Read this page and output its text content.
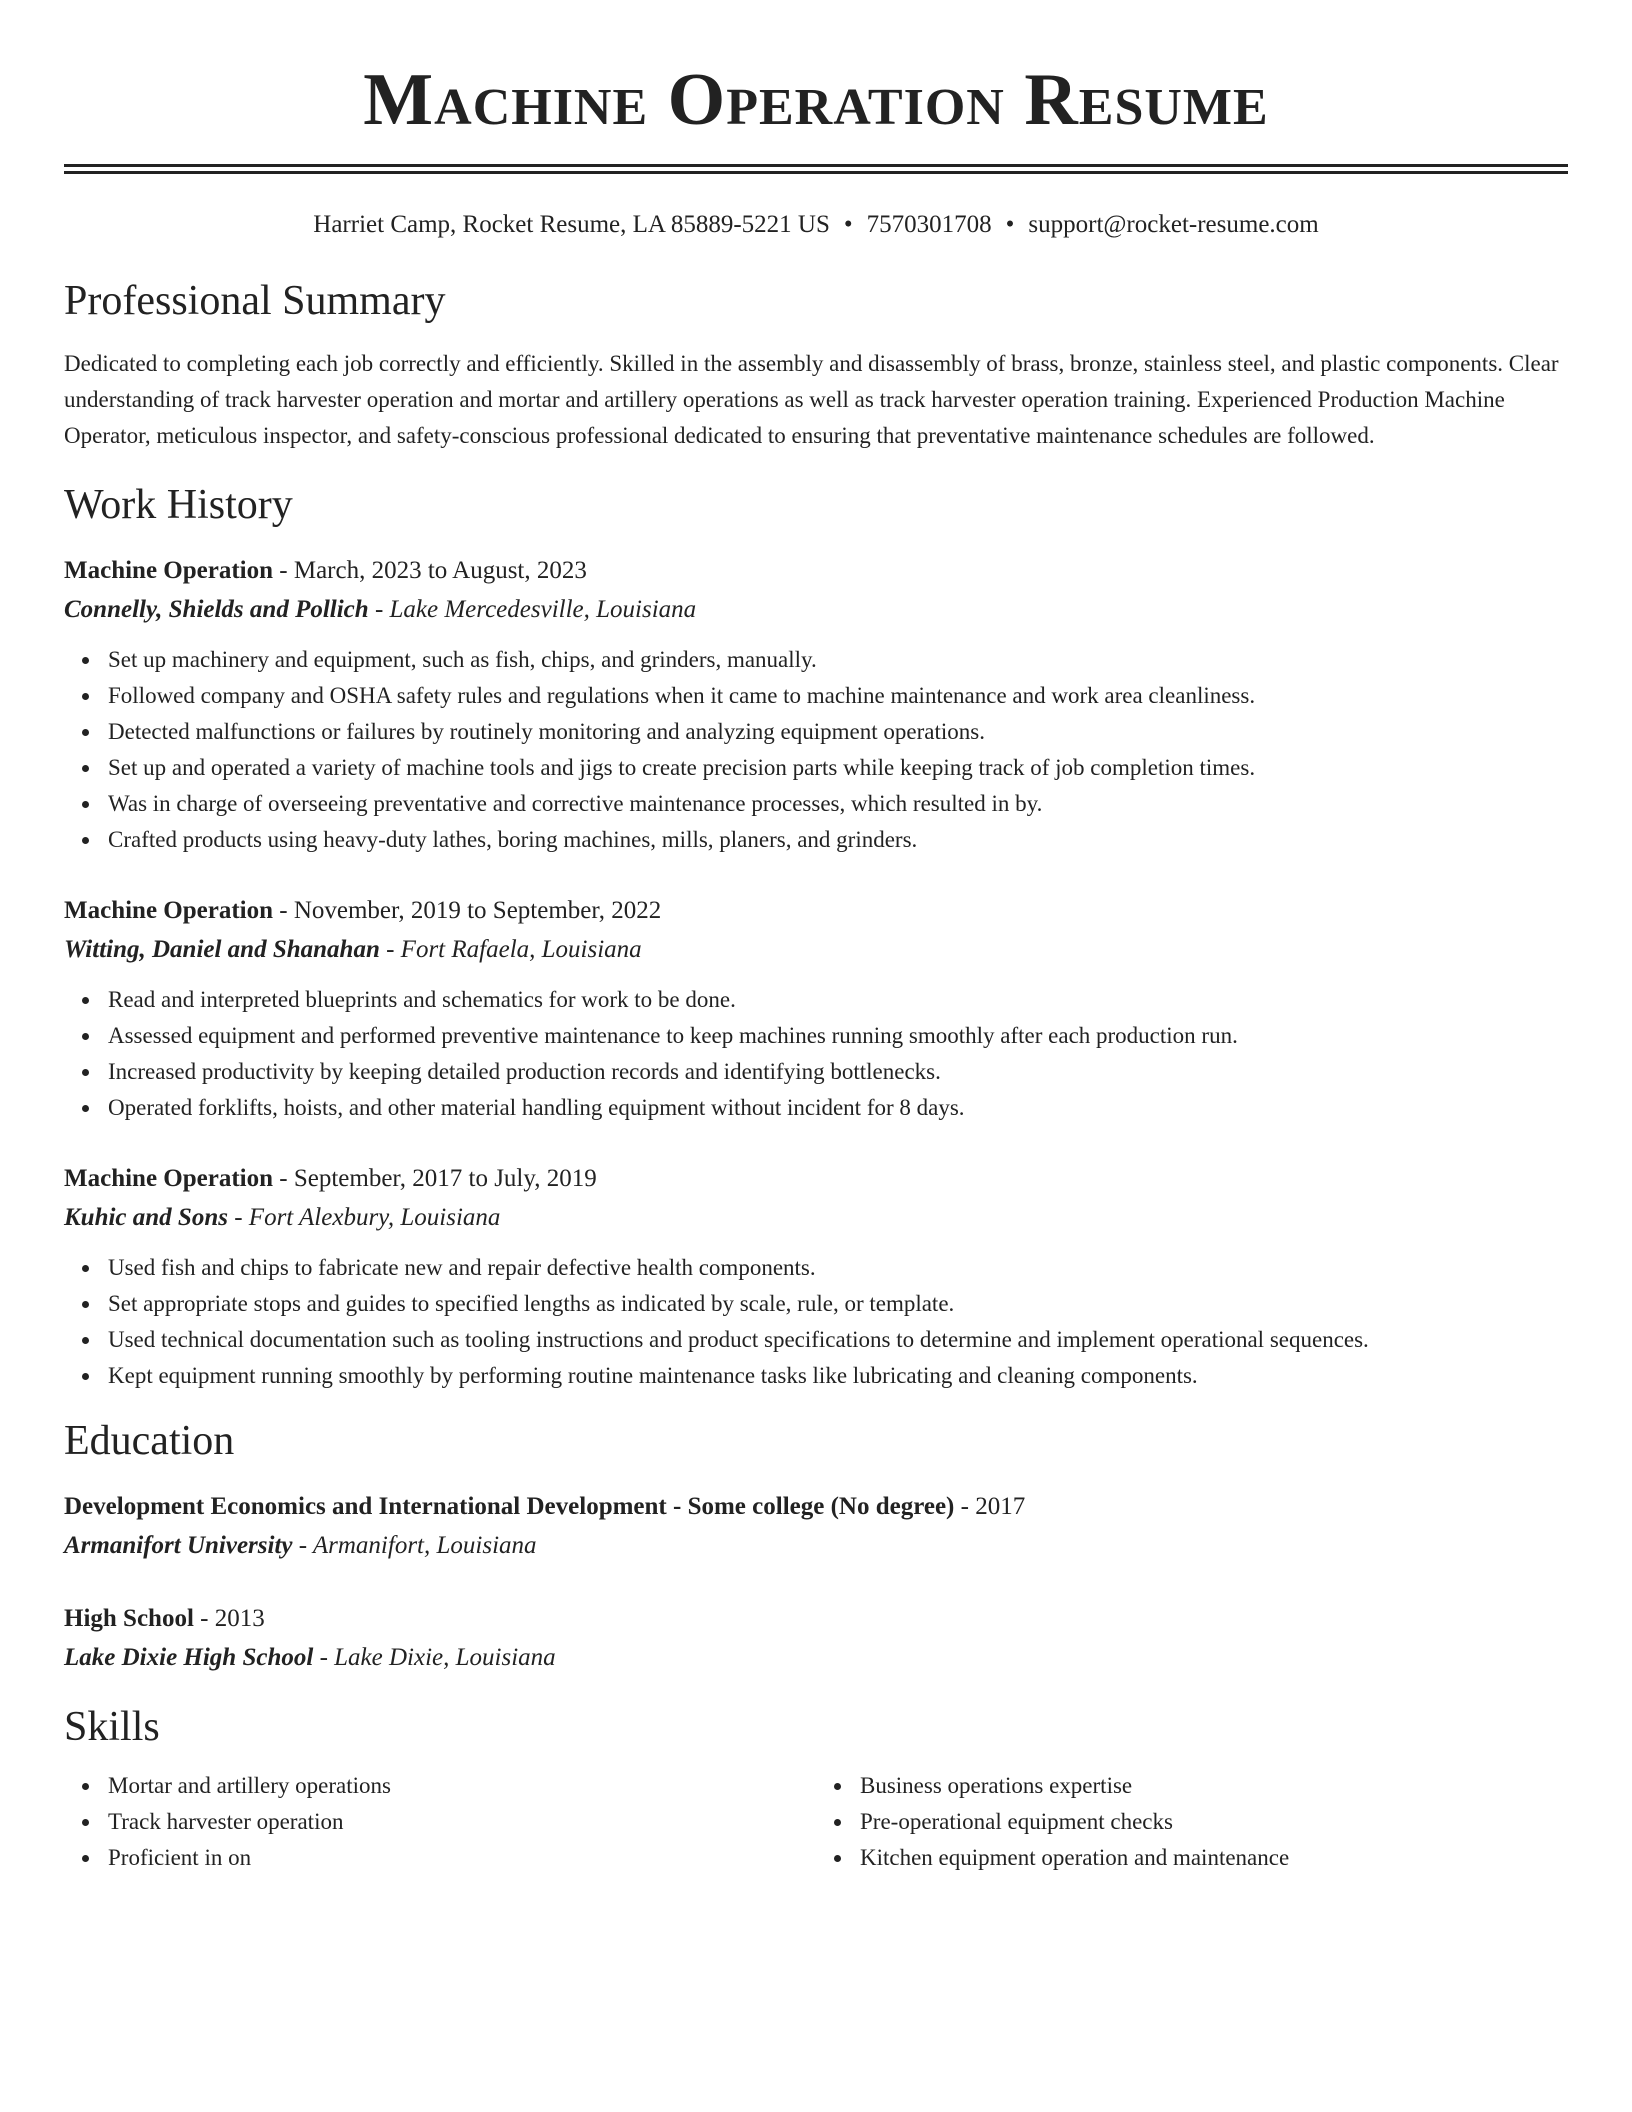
Machine Operation Resume
Harriet Camp, Rocket Resume, LA 85889-5221 US • 7570301708 • support@rocket-resume.com
Professional Summary

Dedicated to completing each job correctly and efficiently. Skilled in the assembly and disassembly of brass, bronze, stainless steel, and plastic components. Clear understanding of track harvester operation and mortar and artillery operations as well as track harvester operation training. Experienced Production Machine Operator, meticulous inspector, and safety-conscious professional dedicated to ensuring that preventative maintenance schedules are followed.

Work History
Machine Operation - March, 2023 to August, 2023
Connelly, Shields and Pollich - Lake Mercedesville, Louisiana
Set up machinery and equipment, such as fish, chips, and grinders, manually.
Followed company and OSHA safety rules and regulations when it came to machine maintenance and work area cleanliness.
Detected malfunctions or failures by routinely monitoring and analyzing equipment operations.
Set up and operated a variety of machine tools and jigs to create precision parts while keeping track of job completion times.
Was in charge of overseeing preventative and corrective maintenance processes, which resulted in by.
Crafted products using heavy-duty lathes, boring machines, mills, planers, and grinders.
Machine Operation - November, 2019 to September, 2022
Witting, Daniel and Shanahan - Fort Rafaela, Louisiana
Read and interpreted blueprints and schematics for work to be done.
Assessed equipment and performed preventive maintenance to keep machines running smoothly after each production run.
Increased productivity by keeping detailed production records and identifying bottlenecks.
Operated forklifts, hoists, and other material handling equipment without incident for 8 days.
Machine Operation - September, 2017 to July, 2019
Kuhic and Sons - Fort Alexbury, Louisiana
Used fish and chips to fabricate new and repair defective health components.
Set appropriate stops and guides to specified lengths as indicated by scale, rule, or template.
Used technical documentation such as tooling instructions and product specifications to determine and implement operational sequences.
Kept equipment running smoothly by performing routine maintenance tasks like lubricating and cleaning components.
Education
Development Economics and International Development - Some college (No degree) - 2017
Armanifort University - Armanifort, Louisiana
High School - 2013
Lake Dixie High School - Lake Dixie, Louisiana
Skills
Mortar and artillery operations
Track harvester operation
Proficient in on
Business operations expertise
Pre-operational equipment checks
Kitchen equipment operation and maintenance
